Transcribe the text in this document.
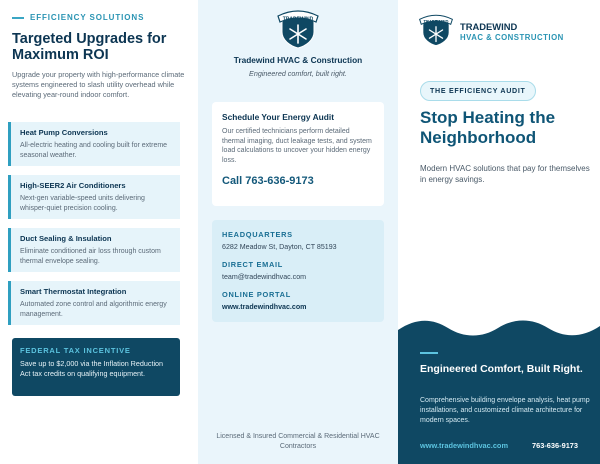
EFFICIENCY SOLUTIONS
Targeted Upgrades for Maximum ROI

Upgrade your property with high-performance climate systems engineered to slash utility overhead while elevating year-round indoor comfort.

Heat Pump Conversions
All-electric heating and cooling built for extreme seasonal weather.
High-SEER2 Air Conditioners
Next-gen variable-speed units delivering whisper-quiet precision cooling.
Duct Sealing & Insulation
Eliminate conditioned air loss through custom thermal envelope sealing.
Smart Thermostat Integration
Automated zone control and algorithmic energy management.
FEDERAL TAX INCENTIVE
Save up to $2,000 via the Inflation Reduction Act tax credits on qualifying equipment.
TRADEWIND
Tradewind HVAC & Construction
Engineered comfort, built right.
Schedule Your Energy Audit
Our certified technicians perform detailed thermal imaging, duct leakage tests, and system load calculations to uncover your hidden energy loss.
Call 763-636-9173
HEADQUARTERS
6282 Meadow St, Dayton, CT 85193
DIRECT EMAIL
team@tradewindhvac.com
ONLINE PORTAL
www.tradewindhvac.com
Licensed & Insured Commercial & Residential HVAC Contractors
TRADEWIND TRADEWIND
HVAC & CONSTRUCTION
THE EFFICIENCY AUDIT
Stop Heating the Neighborhood

Modern HVAC solutions that pay for themselves in energy savings.

Engineered Comfort, Built Right.
Comprehensive building envelope analysis, heat pump installations, and customized climate architecture for modern spaces.
www.tradewindhvac.com	763-636-9173
